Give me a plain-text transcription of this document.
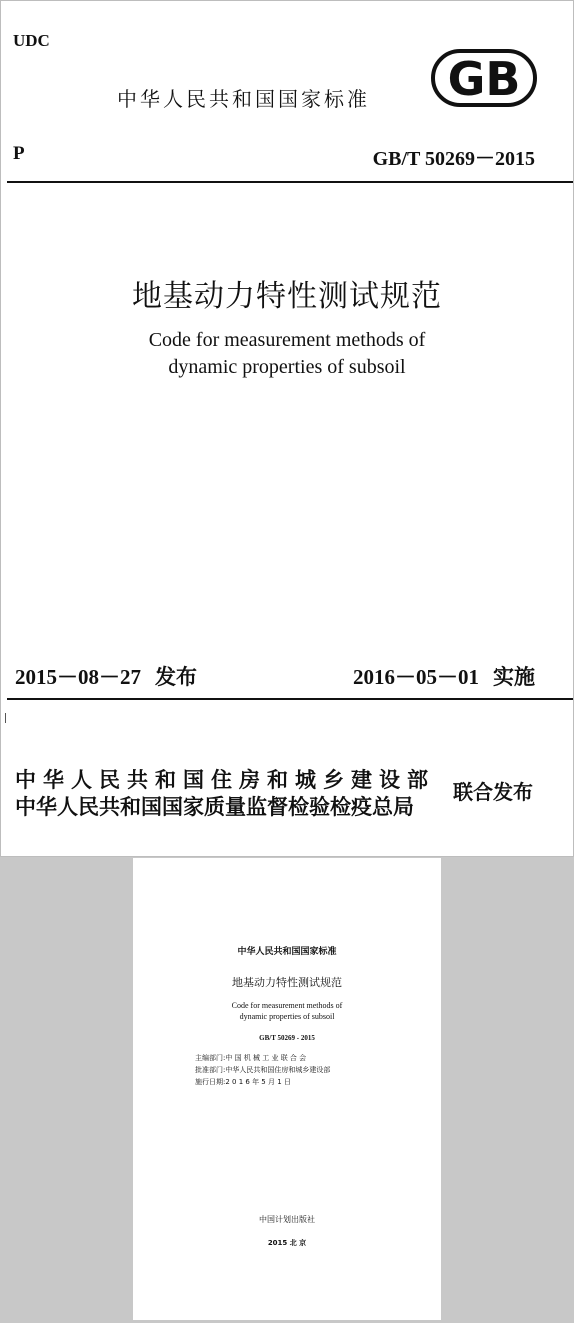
UDC
中华人民共和国国家标准 GB
P	GB/T 50269－2015
地基动力特性测试规范
Code for measurement methods of
dynamic properties of subsoil
2015－08－27 发布	2016－05－01 实施
中华人民共和国住房和城乡建设部
中华人民共和国国家质量监督检验检疫总局
联合发布
中华人民共和国国家标准
地基动力特性测试规范
Code for measurement methods of
dynamic properties of subsoil
GB/T 50269 - 2015
主编部门:中 国 机 械 工 业 联 合 会
批准部门:中华人民共和国住房和城乡建设部
施行日期:2 0 1 6 年 5 月 1 日
中国计划出版社
2015 北 京
